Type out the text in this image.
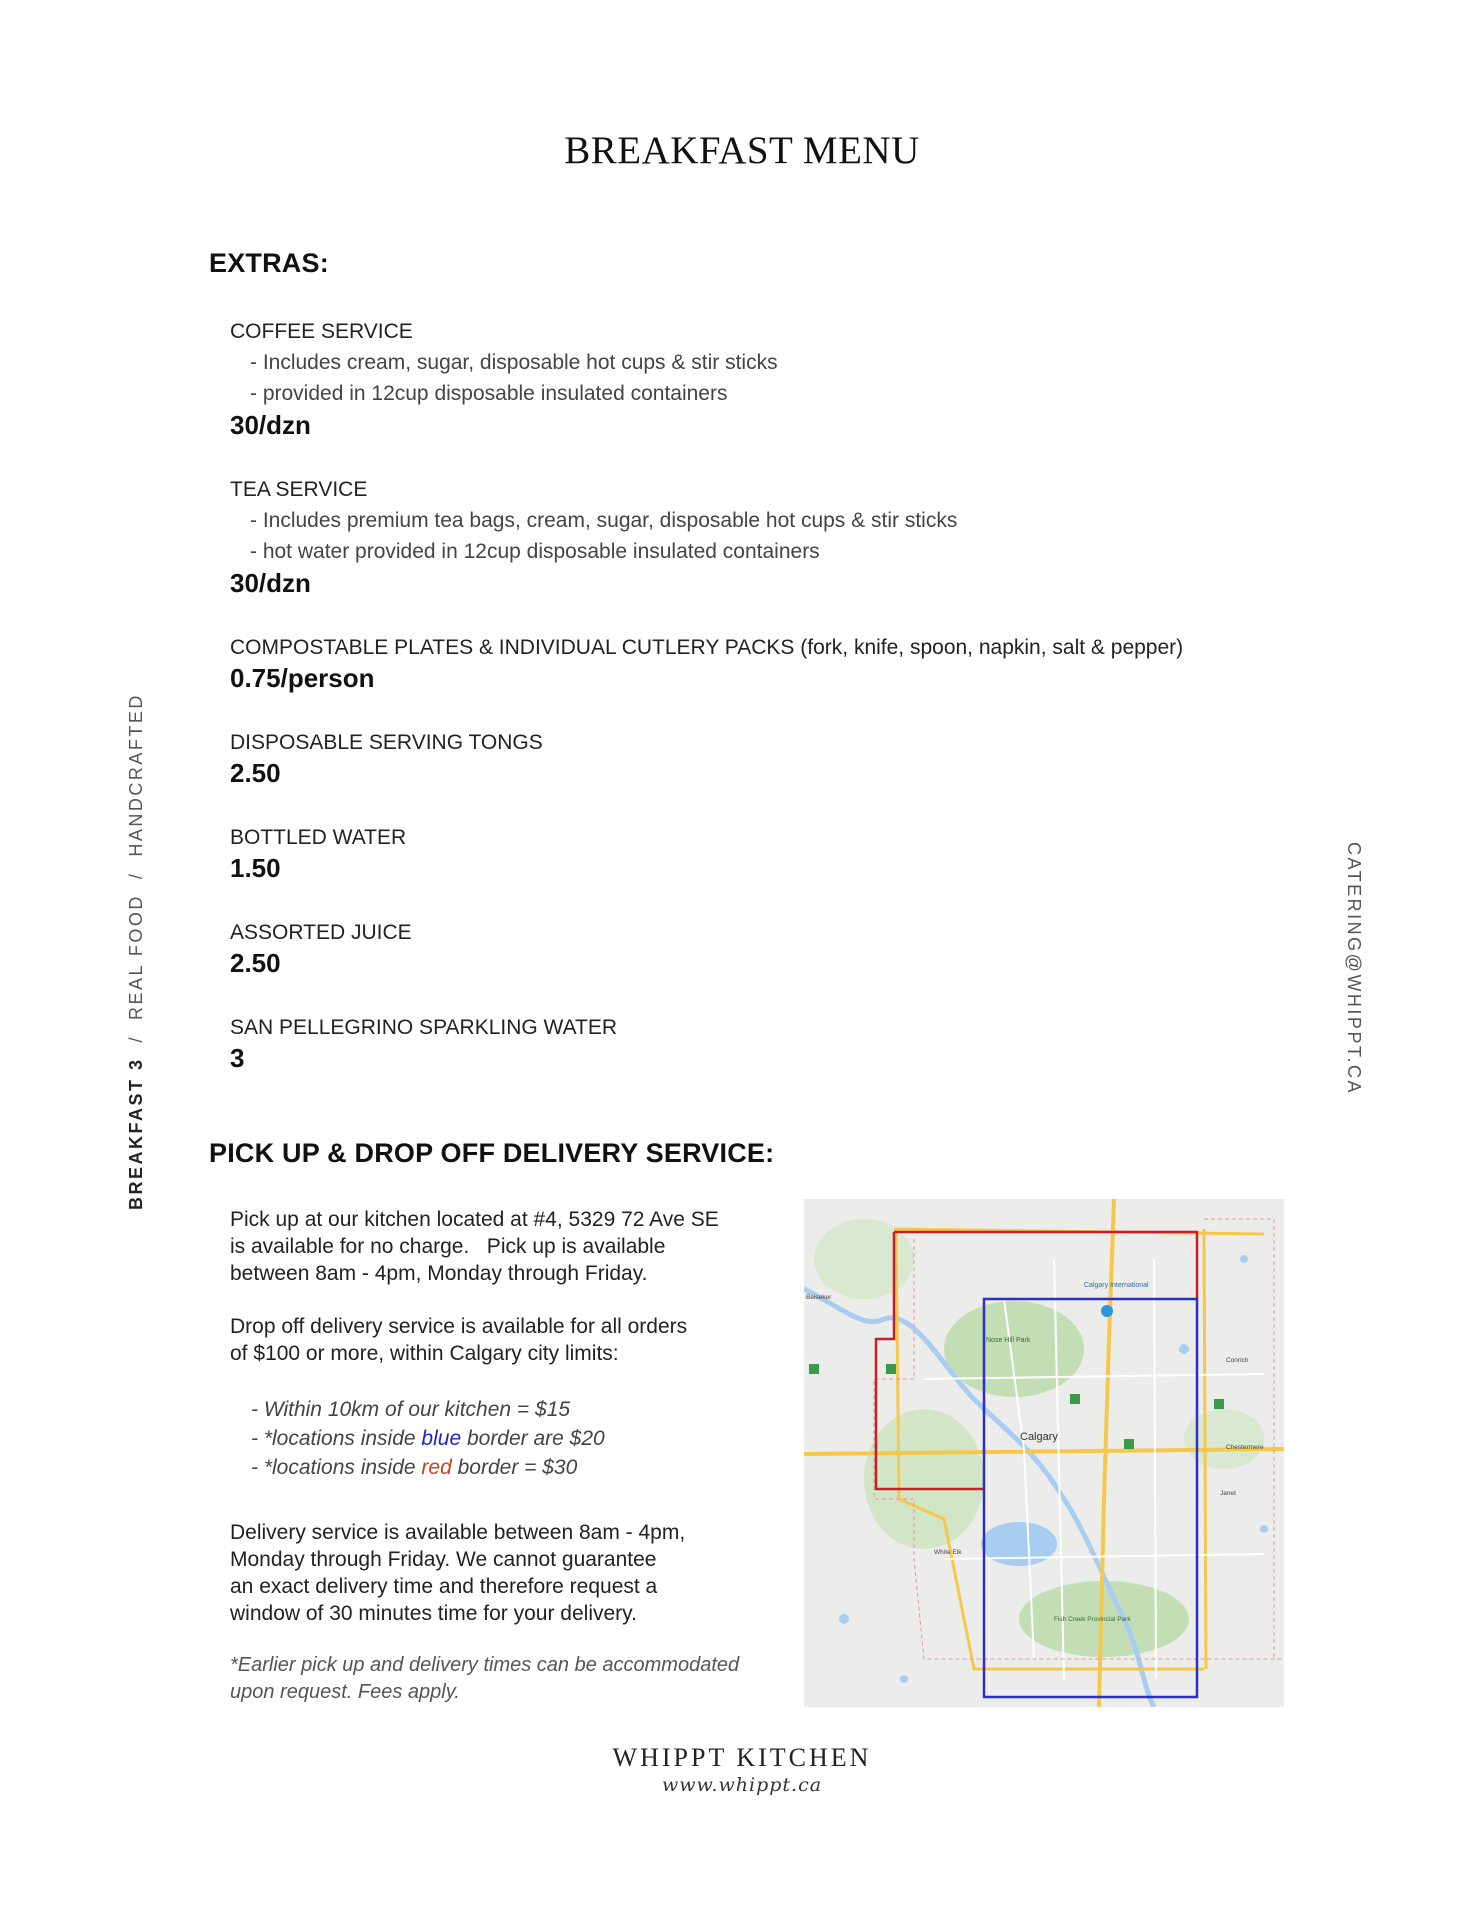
BREAKFAST MENU
BREAKFAST 3  /  REAL FOOD  /  HANDCRAFTED	CATERING@WHIPPT.CA
EXTRAS:
COFFEE SERVICE
- Includes cream, sugar, disposable hot cups & stir sticks
- provided in 12cup disposable insulated containers
30/dzn
TEA SERVICE
- Includes premium tea bags, cream, sugar, disposable hot cups & stir sticks
- hot water provided in 12cup disposable insulated containers
30/dzn
COMPOSTABLE PLATES & INDIVIDUAL CUTLERY PACKS (fork, knife, spoon, napkin, salt & pepper)
0.75/person
DISPOSABLE SERVING TONGS
2.50
BOTTLED WATER
1.50
ASSORTED JUICE
2.50
SAN PELLEGRINO SPARKLING WATER
3
PICK UP & DROP OFF DELIVERY SERVICE:
Pick up at our kitchen located at #4, 5329 72 Ave SE
is available for no charge.   Pick up is available
between 8am - 4pm, Monday through Friday.
Drop off delivery service is available for all orders
of $100 or more, within Calgary city limits:
- Within 10km of our kitchen = $15
- *locations inside blue border are $20
- *locations inside red border = $30
Delivery service is available between 8am - 4pm,
Monday through Friday. We cannot guarantee
an exact delivery time and therefore request a
window of 30 minutes time for your delivery.
*Earlier pick up and delivery times can be accommodated
upon request. Fees apply.
Calgary
Calgary International
Nose Hill Park
Fish Creek Provincial Park
Chestermere
Conrich
Beiseker
Janet
White Elk
WHIPPT KITCHEN
www.whippt.ca
